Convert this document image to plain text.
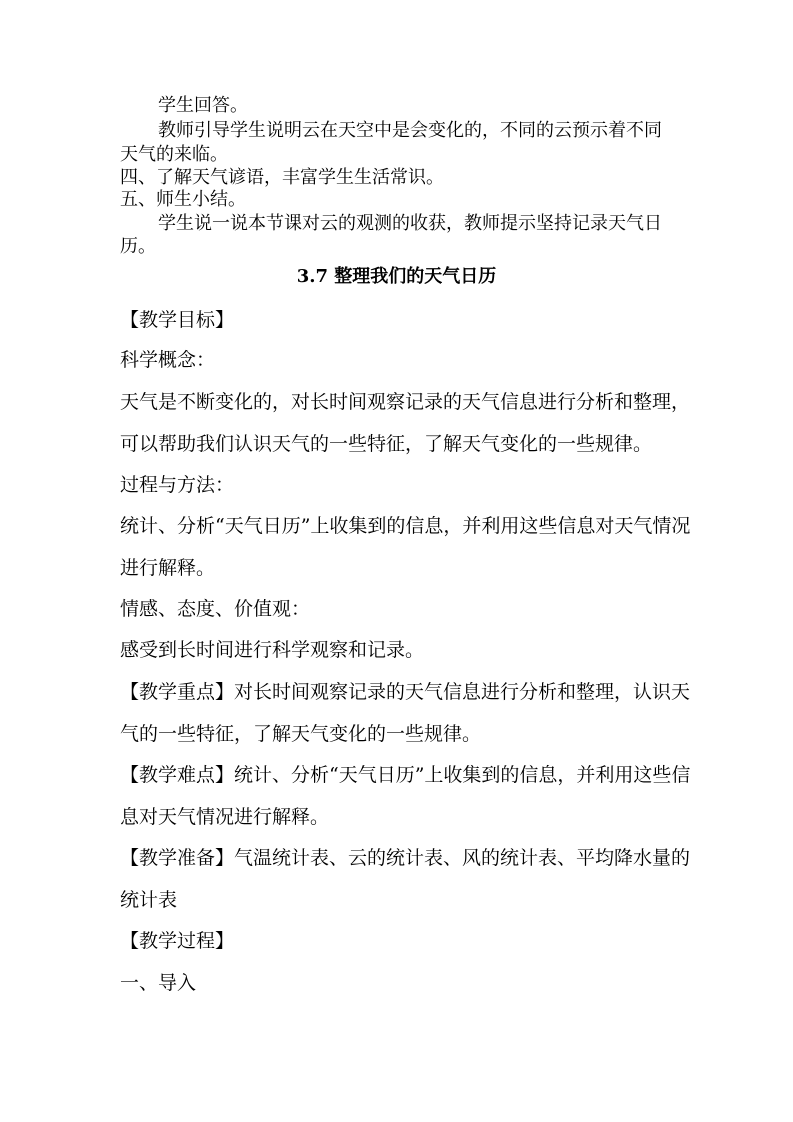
学生回答。
教师引导学生说明云在天空中是会变化的，不同的云预示着不同
天气的来临。
四、了解天气谚语，丰富学生生活常识。
五、师生小结。
学生说一说本节课对云的观测的收获，教师提示坚持记录天气日
历。
3.7 整理我们的天气日历
【教学目标】
科学概念：
天气是不断变化的，对长时间观察记录的天气信息进行分析和整理，
可以帮助我们认识天气的一些特征，了解天气变化的一些规律。
过程与方法：
统计、分析“天气日历”上收集到的信息，并利用这些信息对天气情况
进行解释。
情感、态度、价值观：
感受到长时间进行科学观察和记录。
【教学重点】对长时间观察记录的天气信息进行分析和整理，认识天
气的一些特征，了解天气变化的一些规律。
【教学难点】统计、分析“天气日历”上收集到的信息，并利用这些信
息对天气情况进行解释。
【教学准备】气温统计表、云的统计表、风的统计表、平均降水量的
统计表
【教学过程】
一、导入
